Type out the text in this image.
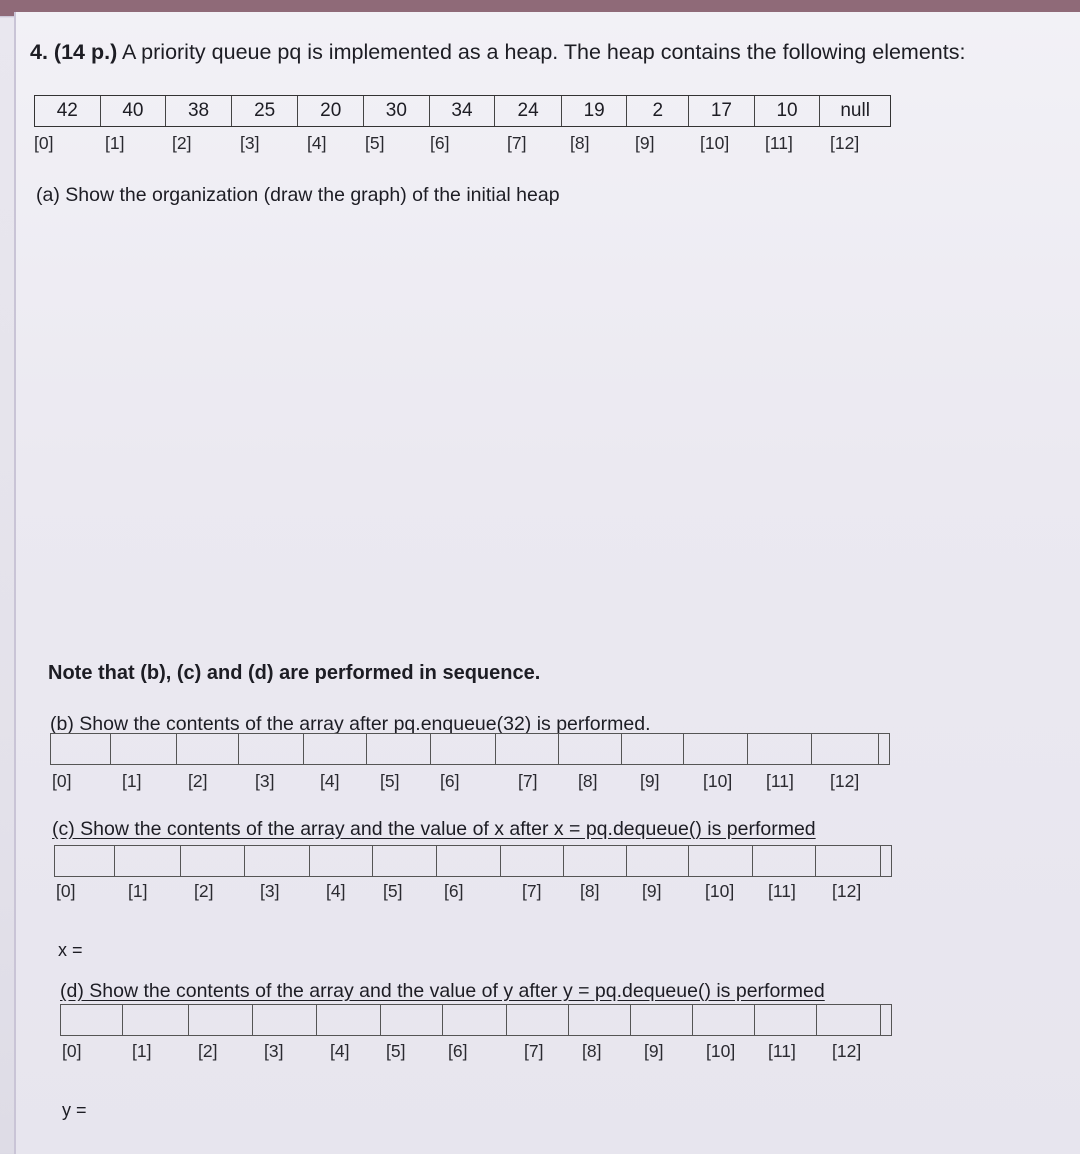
4. (14 p.) A priority queue pq is implemented as a heap. The heap contains the following elements:
42	40	38	25	20	30	34	24	19	2	17	10	null
[0]	[1]	[2]	[3]	[4] [5]	[6]	[7] [8]	[9]	[10] [11] [12]
(a) Show the organization (draw the graph) of the initial heap
Note that (b), (c) and (d) are performed in sequence.
(b) Show the contents of the array after pq.enqueue(32) is performed.
[0]	[1]	[2]	[3]	[4] [5] [6]	[7] [8] [9] [10] [11] [12]
(c) Show the contents of the array and the value of x after x = pq.dequeue() is performed
[0]	[1]	[2]	[3]	[4] [5] [6]	[7] [8] [9] [10] [11] [12]
x =
(d) Show the contents of the array and the value of y after y = pq.dequeue() is performed
[0]	[1]	[2]	[3]	[4] [5] [6]	[7] [8] [9] [10] [11] [12]
y =
